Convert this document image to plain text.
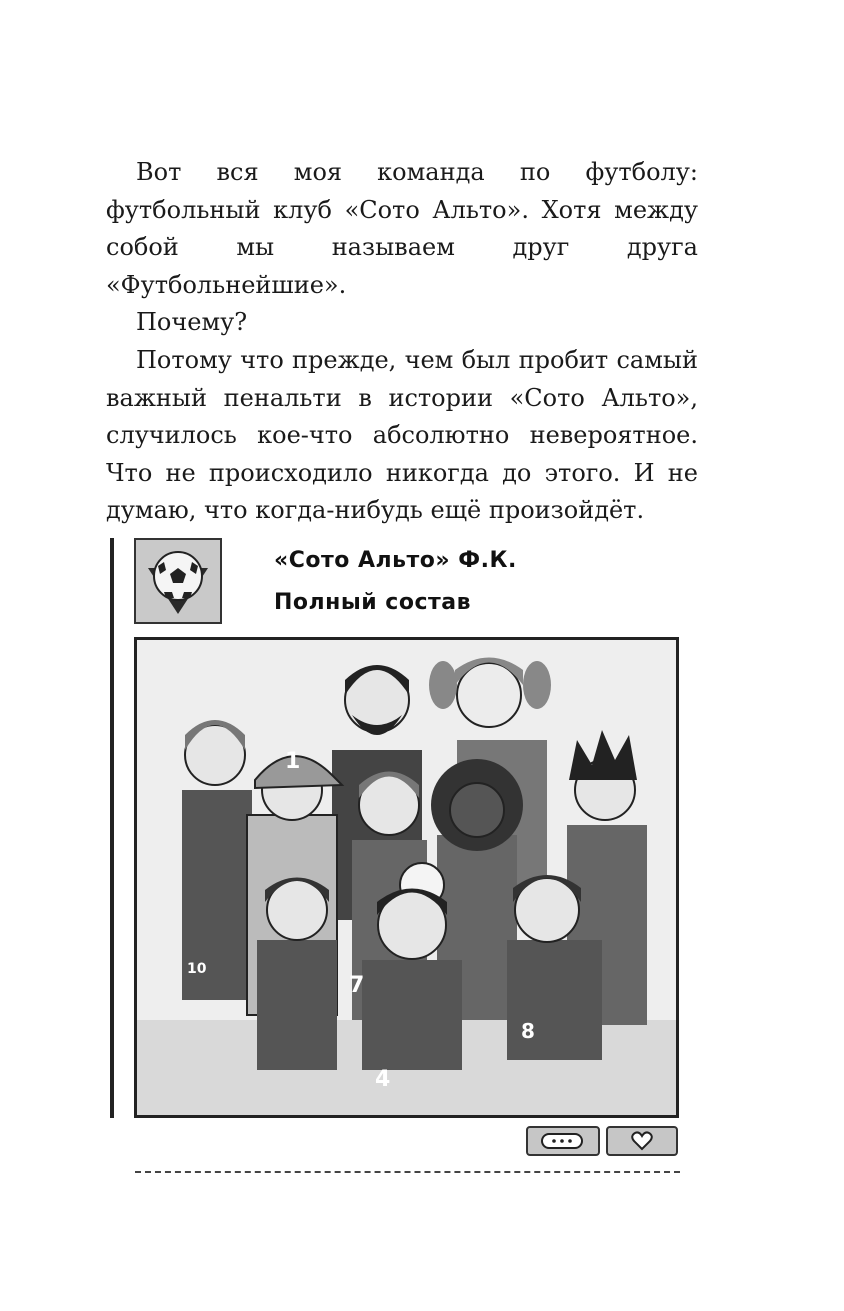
Вот вся моя команда по футболу: футбольный клуб «Сото Альто». Хотя между собой мы называем друг друга «Футбольнейшие».

Почему?

Потому что прежде, чем был пробит самый важный пенальти в истории «Сото Альто», случилось кое-что абсолютно невероятное. Что не происходило никогда до этого. И не думаю, что когда-нибудь ещё произойдёт.

«Сото Альто» Ф.К.
Полный состав
1
10
7
4
8
